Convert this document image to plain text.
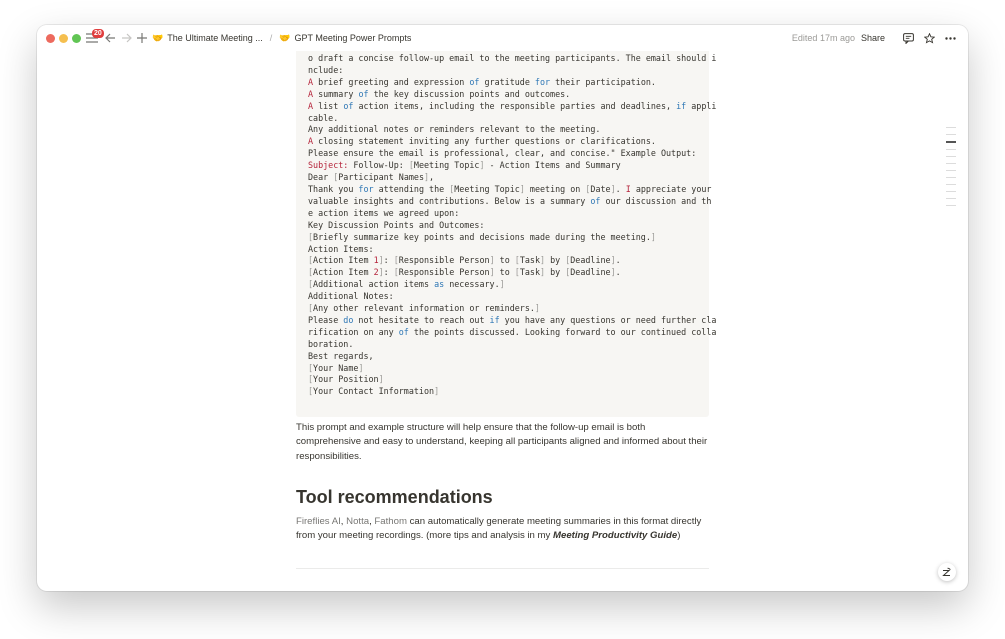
20	🤝 The Ultimate Meeting ... / 🤝 GPT Meeting Power Prompts	Edited 17m ago Share
o draft a concise follow-up email to the meeting participants. The email should i
nclude:
A brief greeting and expression of gratitude for their participation.
A summary of the key discussion points and outcomes.
A list of action items, including the responsible parties and deadlines, if appli
cable.
Any additional notes or reminders relevant to the meeting.
A closing statement inviting any further questions or clarifications.
Please ensure the email is professional, clear, and concise." Example Output:
Subject: Follow-Up: [Meeting Topic] - Action Items and Summary
Dear [Participant Names],
Thank you for attending the [Meeting Topic] meeting on [Date]. I appreciate your
valuable insights and contributions. Below is a summary of our discussion and th
e action items we agreed upon:
Key Discussion Points and Outcomes:
[Briefly summarize key points and decisions made during the meeting.]
Action Items:
[Action Item 1]: [Responsible Person] to [Task] by [Deadline].
[Action Item 2]: [Responsible Person] to [Task] by [Deadline].
[Additional action items as necessary.]
Additional Notes:
[Any other relevant information or reminders.]
Please do not hesitate to reach out if you have any questions or need further cla
rification on any of the points discussed. Looking forward to our continued colla
boration.
Best regards,
[Your Name]
[Your Position]
[Your Contact Information]

This prompt and example structure will help ensure that the follow-up email is both comprehensive and easy to understand, keeping all participants aligned and informed about their responsibilities.
Tool recommendations
Fireflies AI, Notta, Fathom can automatically generate meeting summaries in this format directly from your meeting recordings. (more tips and analysis in my Meeting Productivity Guide)
